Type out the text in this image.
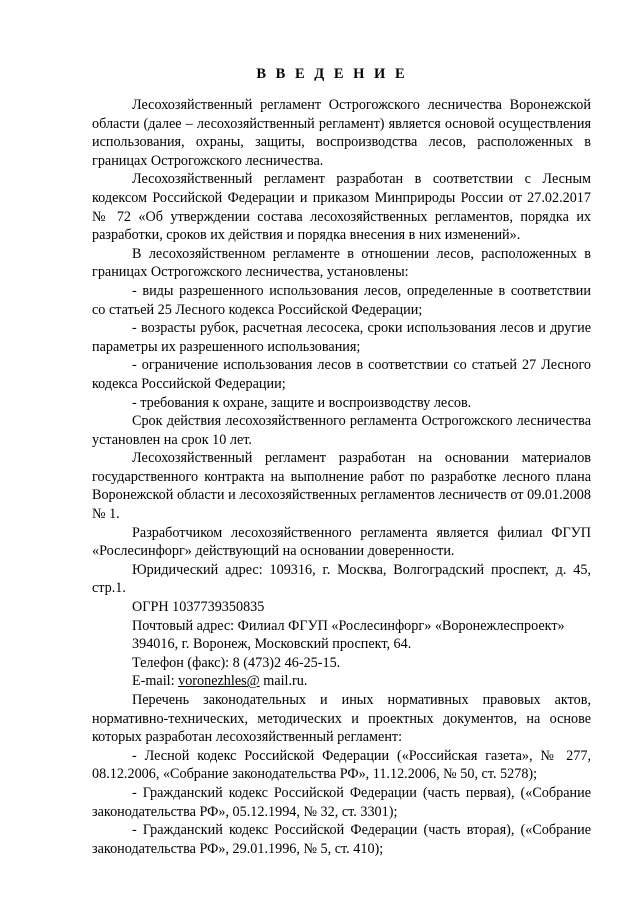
В В Е Д Е Н И Е

Лесохозяйственный регламент Острогожского лесничества Воронежской области (далее – лесохозяйственный регламент) является основой осуществления использования, охраны, защиты, воспроизводства лесов, расположенных в границах Острогожского лесничества.

Лесохозяйственный регламент разработан в соответствии с Лесным кодексом Российской Федерации и приказом Минприроды России от 27.02.2017 № 72 «Об утверждении состава лесохозяйственных регламентов, порядка их разработки, сроков их действия и порядка внесения в них изменений».

В лесохозяйственном регламенте в отношении лесов, расположенных в границах Острогожского лесничества, установлены:

- виды разрешенного использования лесов, определенные в соответствии со статьей 25 Лесного кодекса Российской Федерации;

- возрасты рубок, расчетная лесосека, сроки использования лесов и другие параметры их разрешенного использования;

- ограничение использования лесов в соответствии со статьей 27 Лесного кодекса Российской Федерации;

- требования к охране, защите и воспроизводству лесов.

Срок действия лесохозяйственного регламента Острогожского лесничества установлен на срок 10 лет.

Лесохозяйственный регламент разработан на основании материалов государственного контракта на выполнение работ по разработке лесного плана Воронежской области и лесохозяйственных регламентов лесничеств от 09.01.2008 № 1.

Разработчиком лесохозяйственного регламента является филиал ФГУП «Рослесинфорг» действующий на основании доверенности.

Юридический адрес: 109316, г. Москва, Волгоградский проспект, д. 45, стр.1.

ОГРН 1037739350835

Почтовый адрес: Филиал ФГУП «Рослесинфорг» «Воронежлеспроект»

394016, г. Воронеж, Московский проспект, 64.

Телефон (факс): 8 (473)2 46-25-15.

E-mail: voronezhles@ mail.ru.

Перечень законодательных и иных нормативных правовых актов, нормативно-технических, методических и проектных документов, на основе которых разработан лесохозяйственный регламент:

- Лесной кодекс Российской Федерации («Российская газета», № 277, 08.12.2006, «Собрание законодательства РФ», 11.12.2006, № 50, ст. 5278);

- Гражданский кодекс Российской Федерации (часть первая), («Собрание законодательства РФ», 05.12.1994, № 32, ст. 3301);

- Гражданский кодекс Российской Федерации (часть вторая), («Собрание законодательства РФ», 29.01.1996, № 5, ст. 410);
